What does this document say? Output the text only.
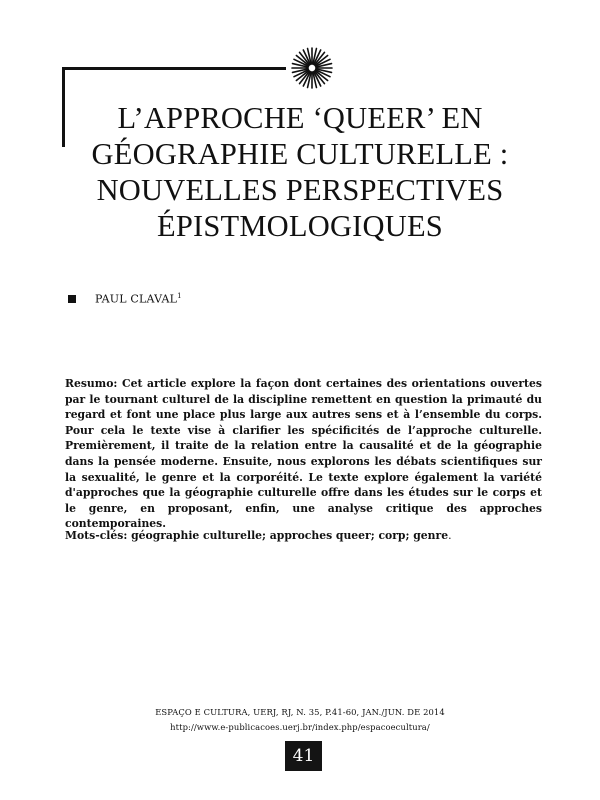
L’APPROCHE ‘QUEER’ EN
GÉOGRAPHIE CULTURELLE :
NOUVELLES PERSPECTIVES
ÉPISTMOLOGIQUES
PAUL CLAVAL$^1$

Resumo: Cet article explore la façon dont certaines des orientations ouvertes par le tournant culturel de la discipline remettent en question la primauté du regard et font une place plus large aux autres sens et à l’ensemble du corps. Pour cela le texte vise à clarifier les spécificités de l’approche culturelle. Premièrement, il traite de la relation entre la causalité et de la géographie dans la pensée moderne. Ensuite, nous explorons les débats scientifiques sur la sexualité, le genre et la corporéité. Le texte explore également la variété d'approches que la géographie culturelle offre dans les études sur le corps et le genre, en proposant, enfin, une analyse critique des approches contemporaines.

Mots-clés: géographie culturelle; approches queer; corp; genre.

ESPAÇO E CULTURA, UERJ, RJ, N. 35, P.41-60, JAN./JUN. DE 2014
http://www.e-publicacoes.uerj.br/index.php/espacoecultura/
41
